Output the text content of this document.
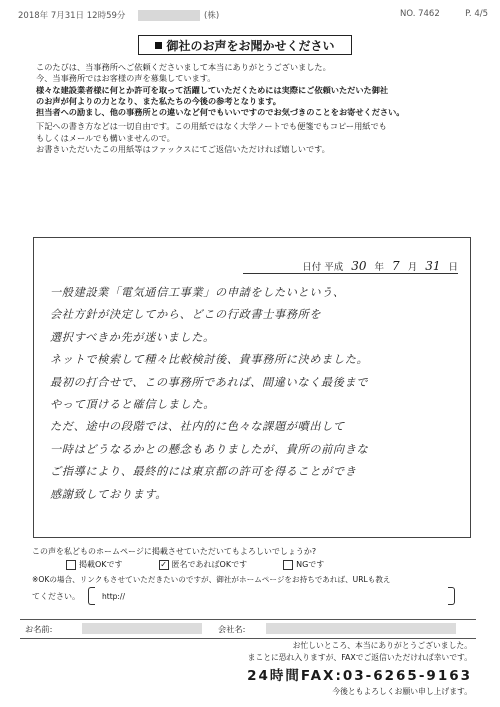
2018年 7月31日 12時59分	(株)	NO. 7462	P. 4/5
御社のお声をお聞かせください

このたびは、当事務所へご依頼くださいまして本当にありがとうございました。

今、当事務所ではお客様の声を募集しています。

様々な建設業者様に何とか許可を取って活躍していただくためには実際にご依頼いただいた御社

のお声が何よりの力となり、また私たちの今後の参考となります。

担当者への励まし、他の事務所との違いなど何でもいいですのでお気づきのことをお寄せください。

下記への書き方などは一切自由です。この用紙ではなく大学ノートでも便箋でもコピー用紙でも

もしくはメールでも構いませんので。

お書きいただいたこの用紙等はファックスにてご返信いただければ嬉しいです。

日付 平成 30 年 7 月 31 日
一般建設業「電気通信工事業」の申請をしたいという、
会社方針が決定してから、どこの行政書士事務所を
選択すべきか先が迷いました。
ネットで検索して種々比較検討後、貴事務所に決めました。
最初の打合せで、この事務所であれば、間違いなく最後まで
やって頂けると確信しました。
ただ、途中の段階では、社内的に色々な課題が噴出して
一時はどうなるかとの懸念もありましたが、貴所の前向きな
ご指導により、最終的には東京都の許可を得ることができ
感謝致しております。
この声を私どものホームページに掲載させていただいてもよろしいでしょうか?
掲載OKです	✓ 匿名であればOKです	NGです
※OKの場合、リンクもさせていただきたいのですが、御社がホームページをお持ちであれば、URLも教え
てください。	http://
お名前:	会社名:
お忙しいところ、本当にありがとうございました。
まことに恐れ入りますが、FAXでご返信いただければ幸いです。
24時間FAX:03-6265-9163
今後ともよろしくお願い申し上げます。
